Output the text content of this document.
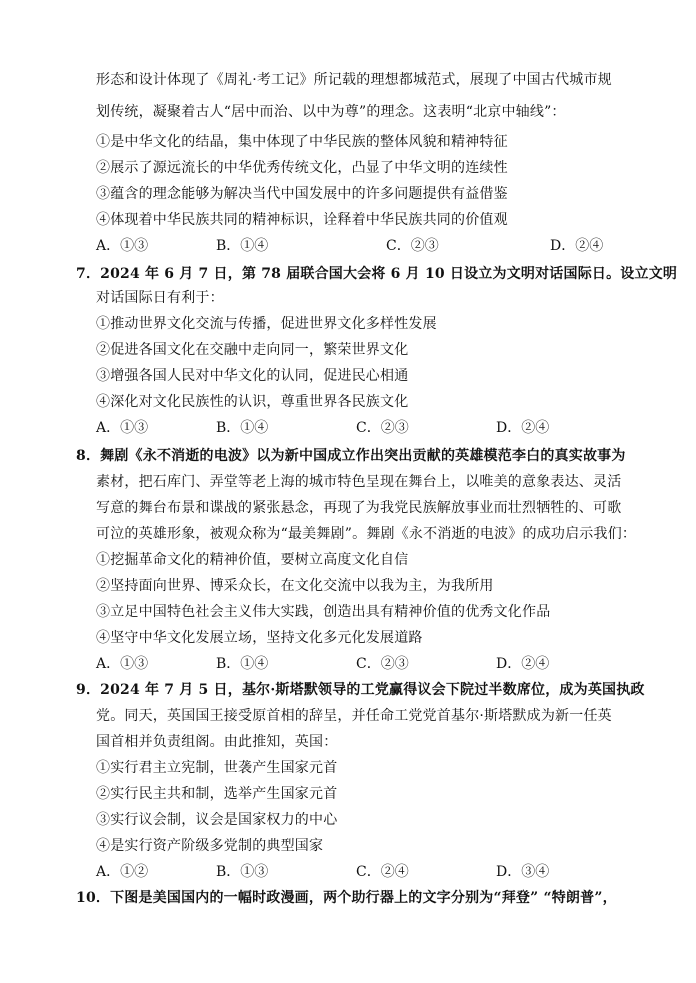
形态和设计体现了《周礼·考工记》所记载的理想都城范式，展现了中国古代城市规
划传统，凝聚着古人“居中而治、以中为尊”的理念。这表明“北京中轴线”：
①是中华文化的结晶，集中体现了中华民族的整体风貌和精神特征
②展示了源远流长的中华优秀传统文化，凸显了中华文明的连续性
③蕴含的理念能够为解决当代中国发展中的许多问题提供有益借鉴
④体现着中华民族共同的精神标识，诠释着中华民族共同的价值观
A．①③	B．①④	C．②③	D．②④
7．2024 年 6 月 7 日，第 78 届联合国大会将 6 月 10 日设立为文明对话国际日。设立文明
对话国际日有利于：
①推动世界文化交流与传播，促进世界文化多样性发展
②促进各国文化在交融中走向同一，繁荣世界文化
③增强各国人民对中华文化的认同，促进民心相通
④深化对文化民族性的认识，尊重世界各民族文化
A．①③	B．①④	C．②③	D．②④
8．舞剧《永不消逝的电波》以为新中国成立作出突出贡献的英雄模范李白的真实故事为
素材，把石库门、弄堂等老上海的城市特色呈现在舞台上，以唯美的意象表达、灵活
写意的舞台布景和谍战的紧张悬念，再现了为我党民族解放事业而壮烈牺牲的、可歌
可泣的英雄形象，被观众称为“最美舞剧”。舞剧《永不消逝的电波》的成功启示我们：
①挖掘革命文化的精神价值，要树立高度文化自信
②坚持面向世界、博采众长，在文化交流中以我为主，为我所用
③立足中国特色社会主义伟大实践，创造出具有精神价值的优秀文化作品
④坚守中华文化发展立场，坚持文化多元化发展道路
A．①③	B．①④	C．②③	D．②④
9．2024 年 7 月 5 日，基尔·斯塔默领导的工党赢得议会下院过半数席位，成为英国执政
党。同天，英国国王接受原首相的辞呈，并任命工党党首基尔·斯塔默成为新一任英
国首相并负责组阁。由此推知，英国：
①实行君主立宪制，世袭产生国家元首
②实行民主共和制，选举产生国家元首
③实行议会制，议会是国家权力的中心
④是实行资产阶级多党制的典型国家
A．①②	B．①③	C．②④	D．③④
10．下图是美国国内的一幅时政漫画，两个助行器上的文字分别为“拜登” “特朗普”，
